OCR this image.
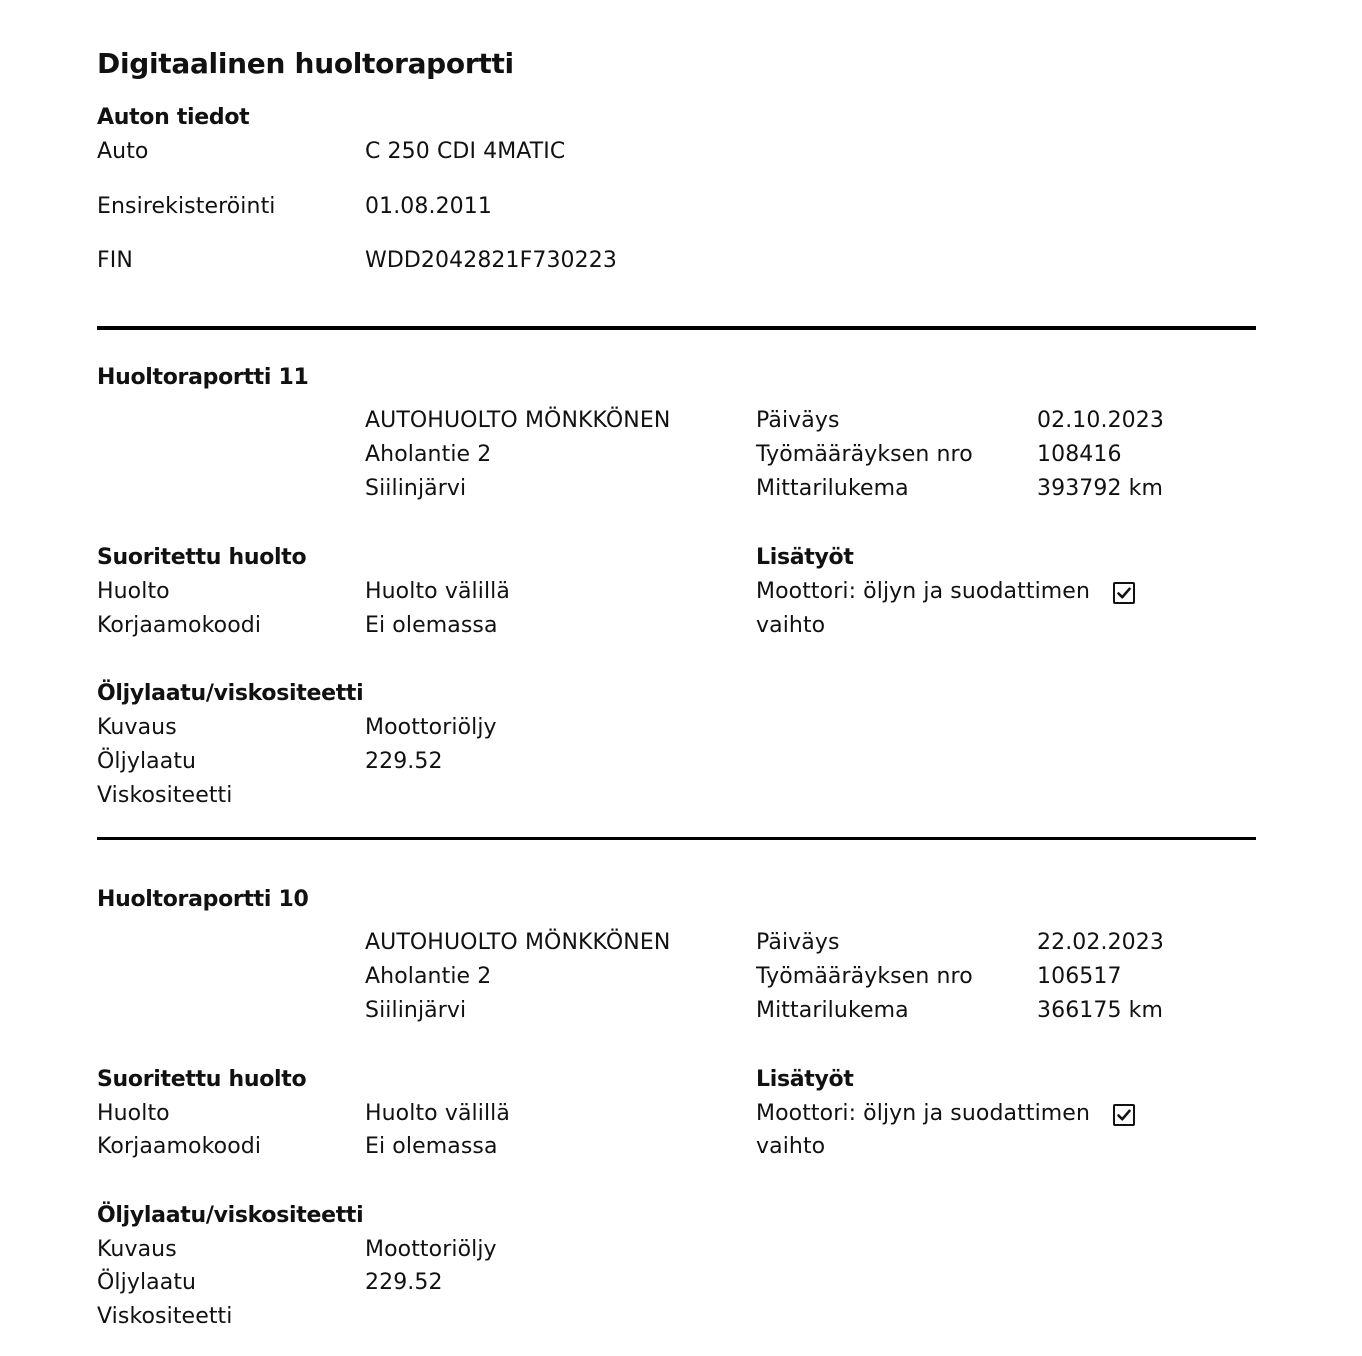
Digitaalinen huoltoraportti
Auton tiedot
Auto	C 250 CDI 4MATIC
Ensirekisteröinti	01.08.2011
FIN	WDD2042821F730223
Huoltoraportti 11
AUTOHUOLTO MÖNKKÖNEN
Aholantie 2
Siilinjärvi
Päiväys	02.10.2023
Työmääräyksen nro	108416
Mittarilukema	393792 km
Suoritettu huolto
Huolto	Huolto välillä
Korjaamokoodi	Ei olemassa
Lisätyöt
Moottori: öljyn ja suodattimen
vaihto
Öljylaatu/viskositeetti
Kuvaus	Moottoriöljy
Öljylaatu	229.52
Viskositeetti
Huoltoraportti 10
AUTOHUOLTO MÖNKKÖNEN
Aholantie 2
Siilinjärvi
Päiväys	22.02.2023
Työmääräyksen nro	106517
Mittarilukema	366175 km
Suoritettu huolto
Huolto	Huolto välillä
Korjaamokoodi	Ei olemassa
Lisätyöt
Moottori: öljyn ja suodattimen
vaihto
Öljylaatu/viskositeetti
Kuvaus	Moottoriöljy
Öljylaatu	229.52
Viskositeetti
